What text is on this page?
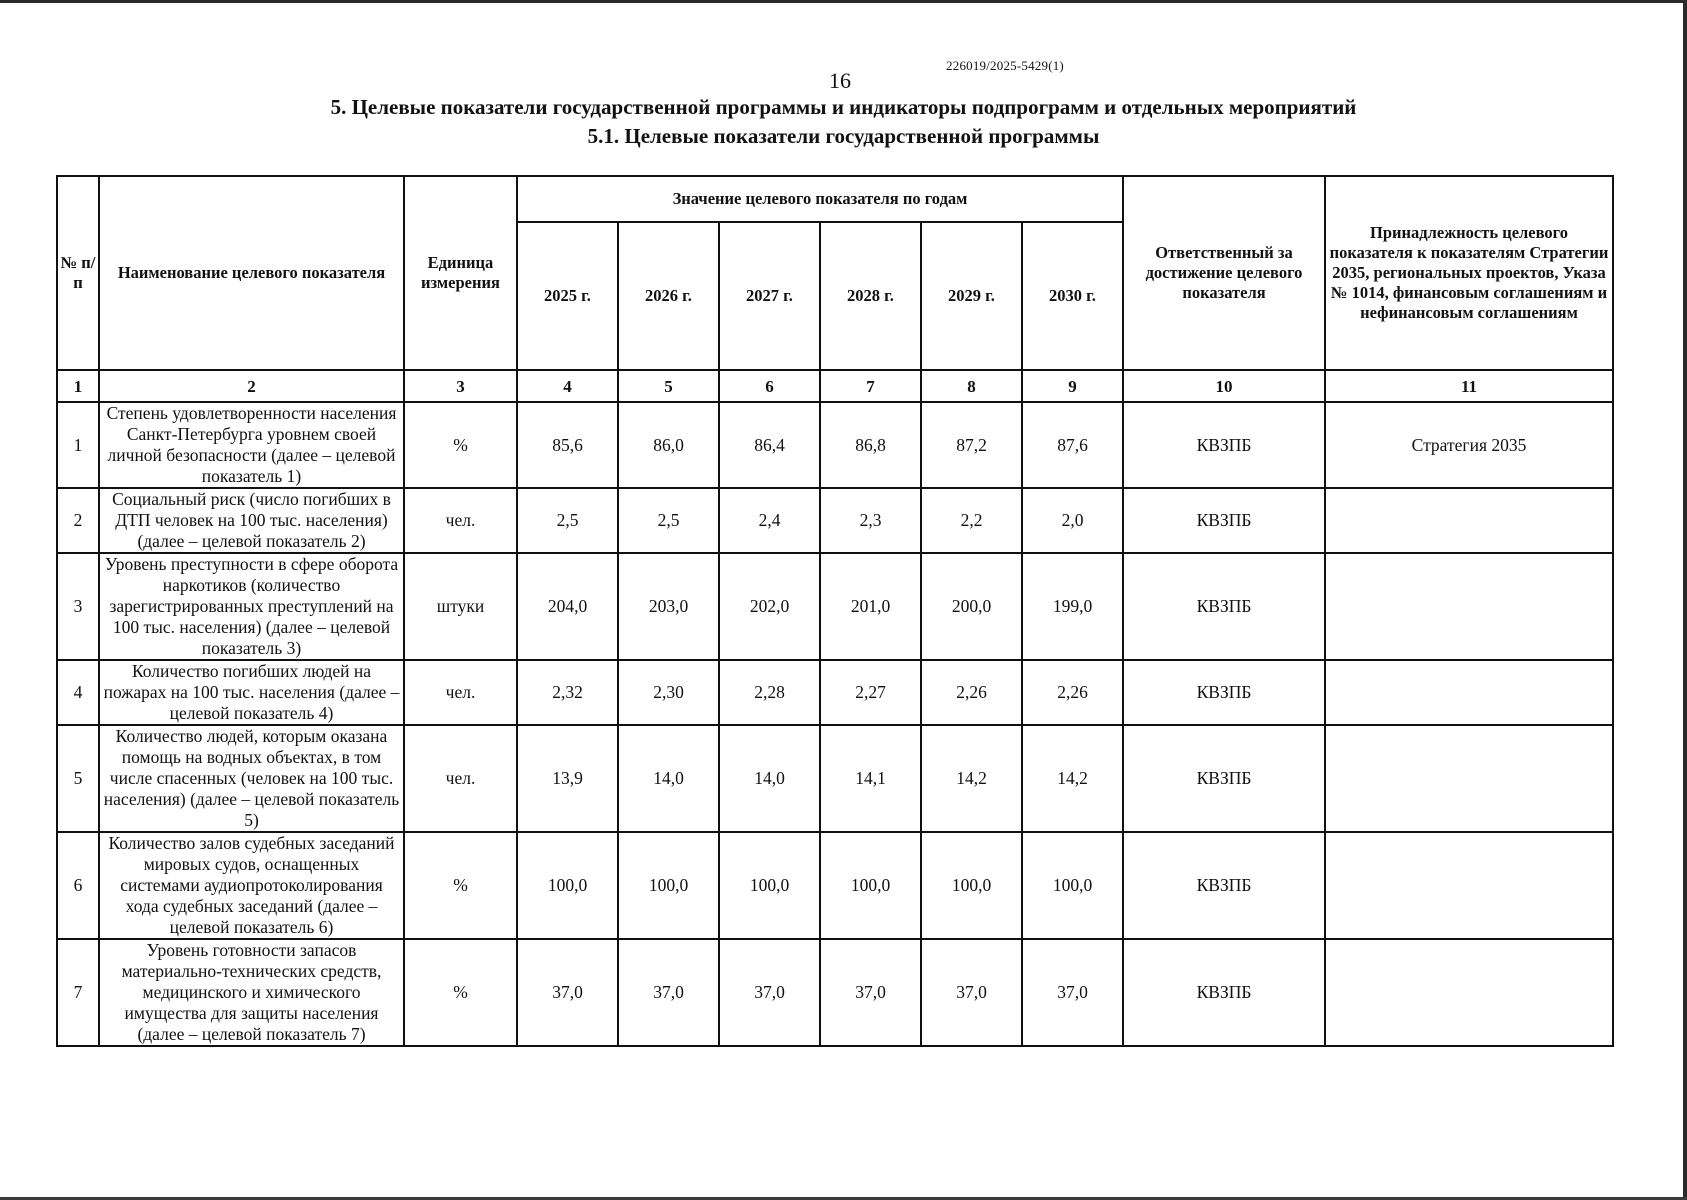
226019/2025-5429(1)
16
5. Целевые показатели государственной программы и индикаторы подпрограмм и отдельных мероприятий
5.1. Целевые показатели государственной программы
№ п/п	Наименование целевого показателя	Единица измерения	Значение целевого показателя по годам						Ответственный за достижение целевого показателя	Принадлежность целевого показателя к показателям Стратегии 2035, региональных проектов, Указа № 1014, финансовым соглашениям и нефинансовым соглашениям
			2025 г.	2026 г.	2027 г.	2028 г.	2029 г.	2030 г.		
1	2	3	4	5	6	7	8	9	10	11
1	Степень удовлетворенности населения Санкт-Петербурга уровнем своей личной безопасности (далее – целевой показатель 1)	%	85,6	86,0	86,4	86,8	87,2	87,6	КВЗПБ	Стратегия 2035
2	Социальный риск (число погибших в ДТП человек на 100 тыс. населения) (далее – целевой показатель 2)	чел.	2,5	2,5	2,4	2,3	2,2	2,0	КВЗПБ	
3	Уровень преступности в сфере оборота наркотиков (количество зарегистрированных преступлений на 100 тыс. населения) (далее – целевой показатель 3)	штуки	204,0	203,0	202,0	201,0	200,0	199,0	КВЗПБ	
4	Количество погибших людей на пожарах на 100 тыс. населения (далее – целевой показатель 4)	чел.	2,32	2,30	2,28	2,27	2,26	2,26	КВЗПБ	
5	Количество людей, которым оказана помощь на водных объектах, в том числе спасенных (человек на 100 тыс. населения) (далее – целевой показатель 5)	чел.	13,9	14,0	14,0	14,1	14,2	14,2	КВЗПБ	
6	Количество залов судебных заседаний мировых судов, оснащенных системами аудиопротоколирования хода судебных заседаний (далее – целевой показатель 6)	%	100,0	100,0	100,0	100,0	100,0	100,0	КВЗПБ	
7	Уровень готовности запасов материально-технических средств, медицинского и химического имущества для защиты населения (далее – целевой показатель 7)	%	37,0	37,0	37,0	37,0	37,0	37,0	КВЗПБ	
